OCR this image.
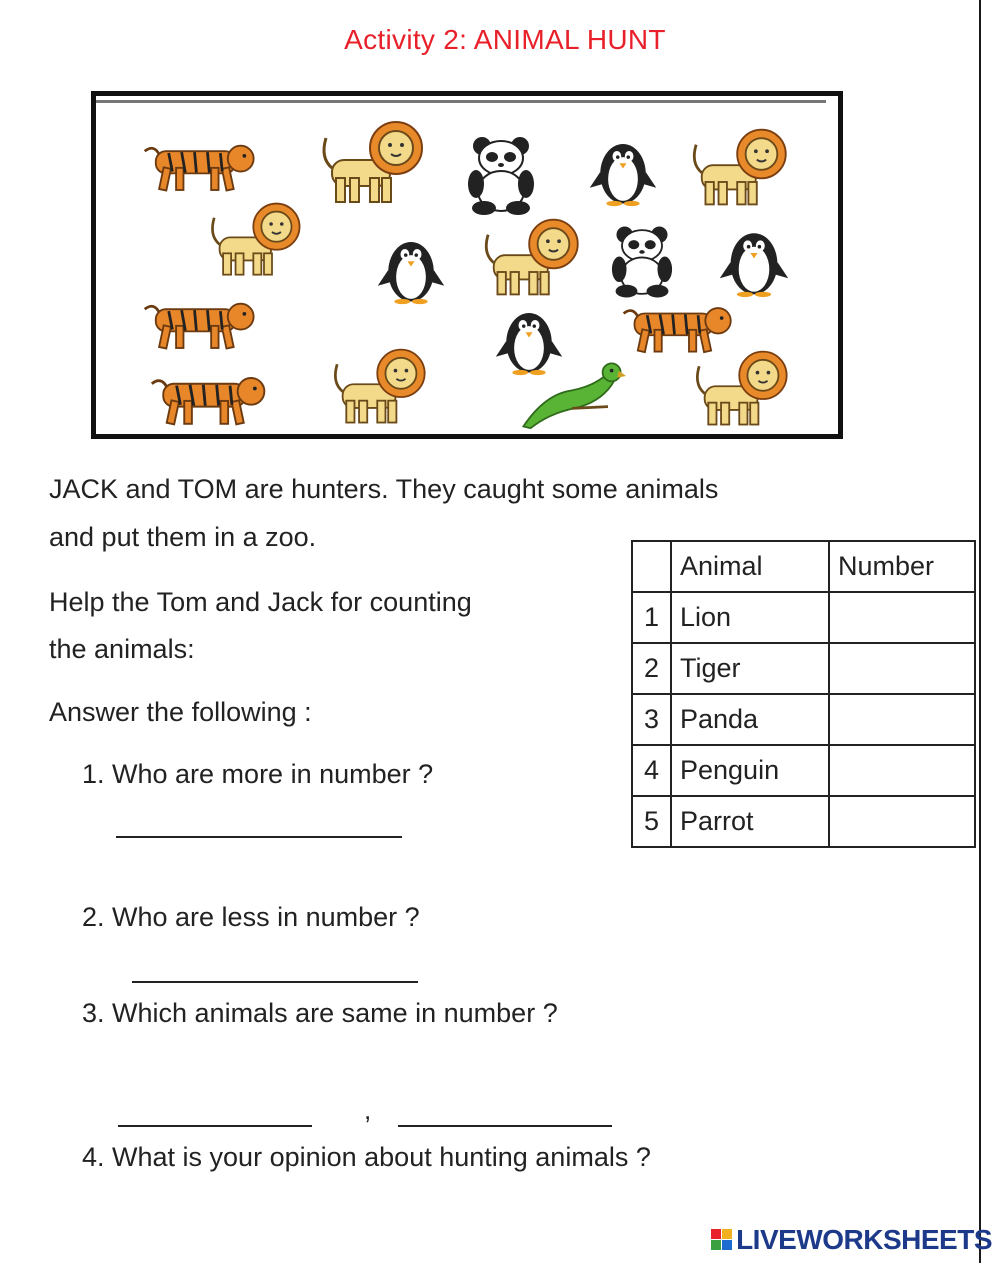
Activity 2: ANIMAL HUNT
JACK and TOM are hunters. They caught some animals
and put them in a zoo.
Help the Tom and Jack for counting
the animals:
Answer the following :
1. Who are more in number ?
2. Who are less in number ?
3. Which animals are same in number ?
,
4. What is your opinion about hunting animals ?
	Animal	Number
1	Lion	
2	Tiger	
3	Panda	
4	Penguin	
5	Parrot	
LIVEWORKSHEETS
